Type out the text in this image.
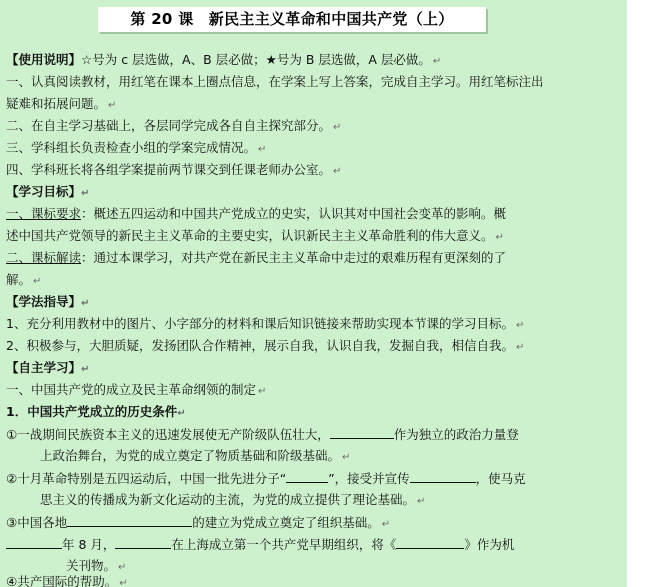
第 20 课　新民主主义革命和中国共产党（上）
【使用说明】☆号为 c 层选做，A、B 层必做；★号为 B 层选做，A 层必做。 ↵
一、认真阅读教材，用红笔在课本上圈点信息，在学案上写上答案，完成自主学习。用红笔标注出
疑难和拓展问题。 ↵
二、在自主学习基础上，各层同学完成各自自主探究部分。 ↵
三、学科组长负责检查小组的学案完成情况。 ↵
四、学科班长将各组学案提前两节课交到任课老师办公室。 ↵
【学习目标】↵
一、课标要求：概述五四运动和中国共产党成立的史实，认识其对中国社会变革的影响。概
述中国共产党领导的新民主主义革命的主要史实，认识新民主主义革命胜利的伟大意义。 ↵
二、课标解读：通过本课学习，对共产党在新民主主义革命中走过的艰难历程有更深刻的了
解。 ↵
【学法指导】↵
1、充分利用教材中的图片、小字部分的材料和课后知识链接来帮助实现本节课的学习目标。 ↵
2、积极参与，大胆质疑，发扬团队合作精神，展示自我，认识自我，发掘自我，相信自我。 ↵
【自主学习】↵
一、中国共产党的成立及民主革命纲领的制定 ↵
1．中国共产党成立的历史条件↵
①一战期间民族资本主义的迅速发展使无产阶级队伍壮大，	作为独立的政治力量登
上政治舞台，为党的成立奠定了物质基础和阶级基础。 ↵
②十月革命特别是五四运动后，中国一批先进分子“	”，接受并宣传	，使马克
思主义的传播成为新文化运动的主流，为党的成立提供了理论基础。 ↵
③中国各地	的建立为党成立奠定了组织基础。 ↵
年 8 月，	在上海成立第一个共产党早期组织，将《	》作为机
关刊物。 ↵
④共产国际的帮助。 ↵
